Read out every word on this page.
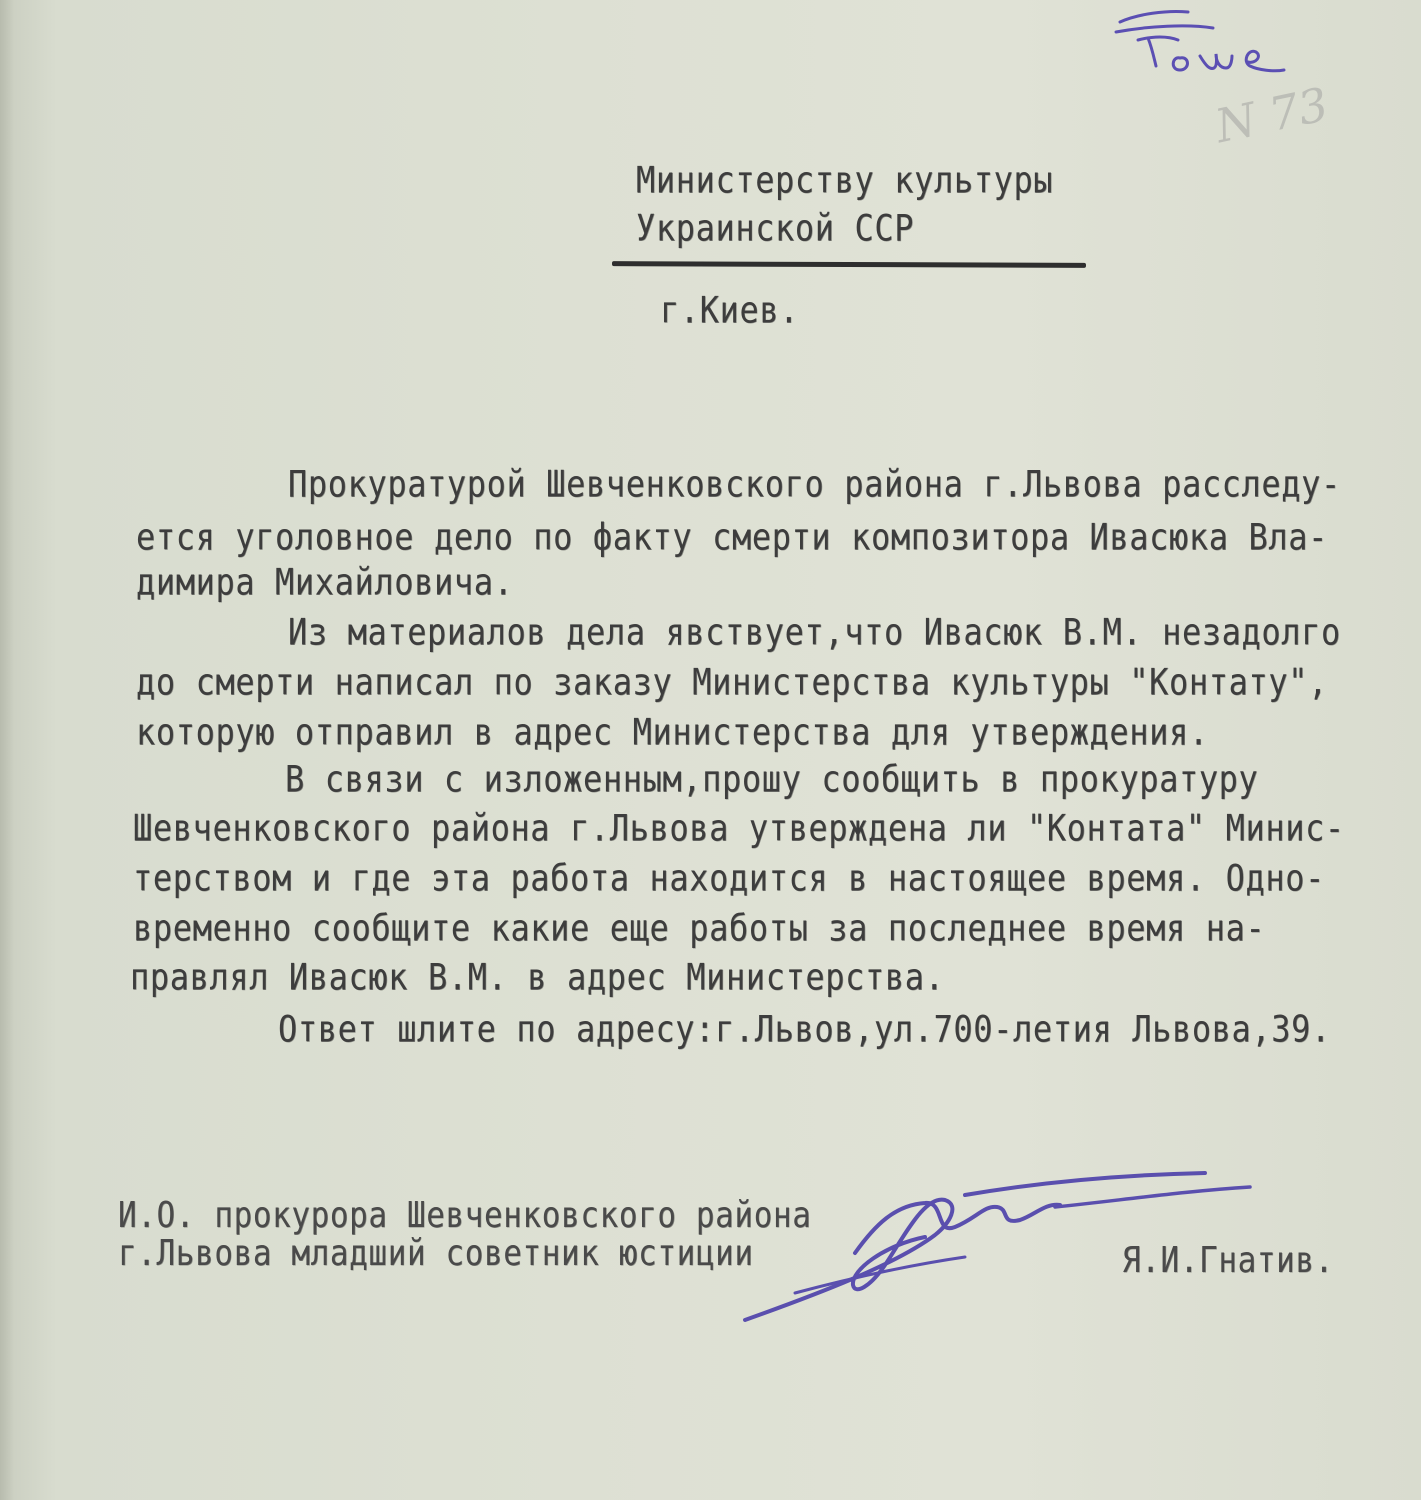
N 73

Министерству культуры

Украинской ССР

г.Киев.

Прокуратурой Шевченковского района г.Львова расследу-

ется уголовное дело по факту смерти композитора Ивасюка Вла-

димира Михайловича.

Из материалов дела явствует,что Ивасюк В.М. незадолго

до смерти написал по заказу Министерства культуры "Контату",

которую отправил в адрес Министерства для утверждения.

В связи с изложенным,прошу сообщить в прокуратуру

Шевченковского района г.Львова утверждена ли "Контата" Минис-

терством и где эта работа находится в настоящее время. Одно-

временно сообщите какие еще работы за последнее время на-

правлял Ивасюк В.М. в адрес Министерства.

Ответ шлите по адресу:г.Львов,ул.700-летия Львова,39.

И.О. прокурора Шевченковского района

г.Львова младший советник юстиции	Я.И.Гнатив.
